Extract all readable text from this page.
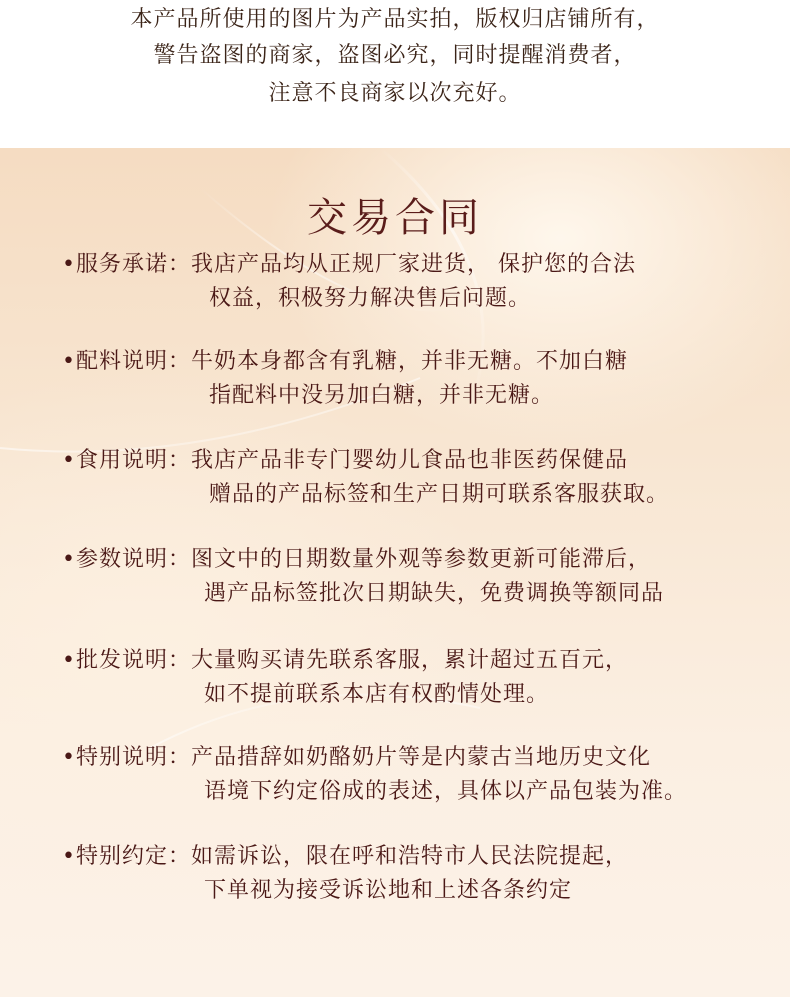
本产品所使用的图片为产品实拍，版权归店铺所有，
警告盗图的商家，盗图必究，同时提醒消费者，
注意不良商家以次充好。
交易合同
•服务承诺：我店产品均从正规厂家进货， 保护您的合法
权益，积极努力解决售后问题。
•配料说明：牛奶本身都含有乳糖，并非无糖。不加白糖
指配料中没另加白糖，并非无糖。
•食用说明：我店产品非专门婴幼儿食品也非医药保健品
赠品的产品标签和生产日期可联系客服获取。
•参数说明：图文中的日期数量外观等参数更新可能滞后，
遇产品标签批次日期缺失，免费调换等额同品
•批发说明：大量购买请先联系客服，累计超过五百元，
如不提前联系本店有权酌情处理。
•特别说明：产品措辞如奶酪奶片等是内蒙古当地历史文化
语境下约定俗成的表述，具体以产品包装为准。
•特别约定：如需诉讼，限在呼和浩特市人民法院提起，
下单视为接受诉讼地和上述各条约定
